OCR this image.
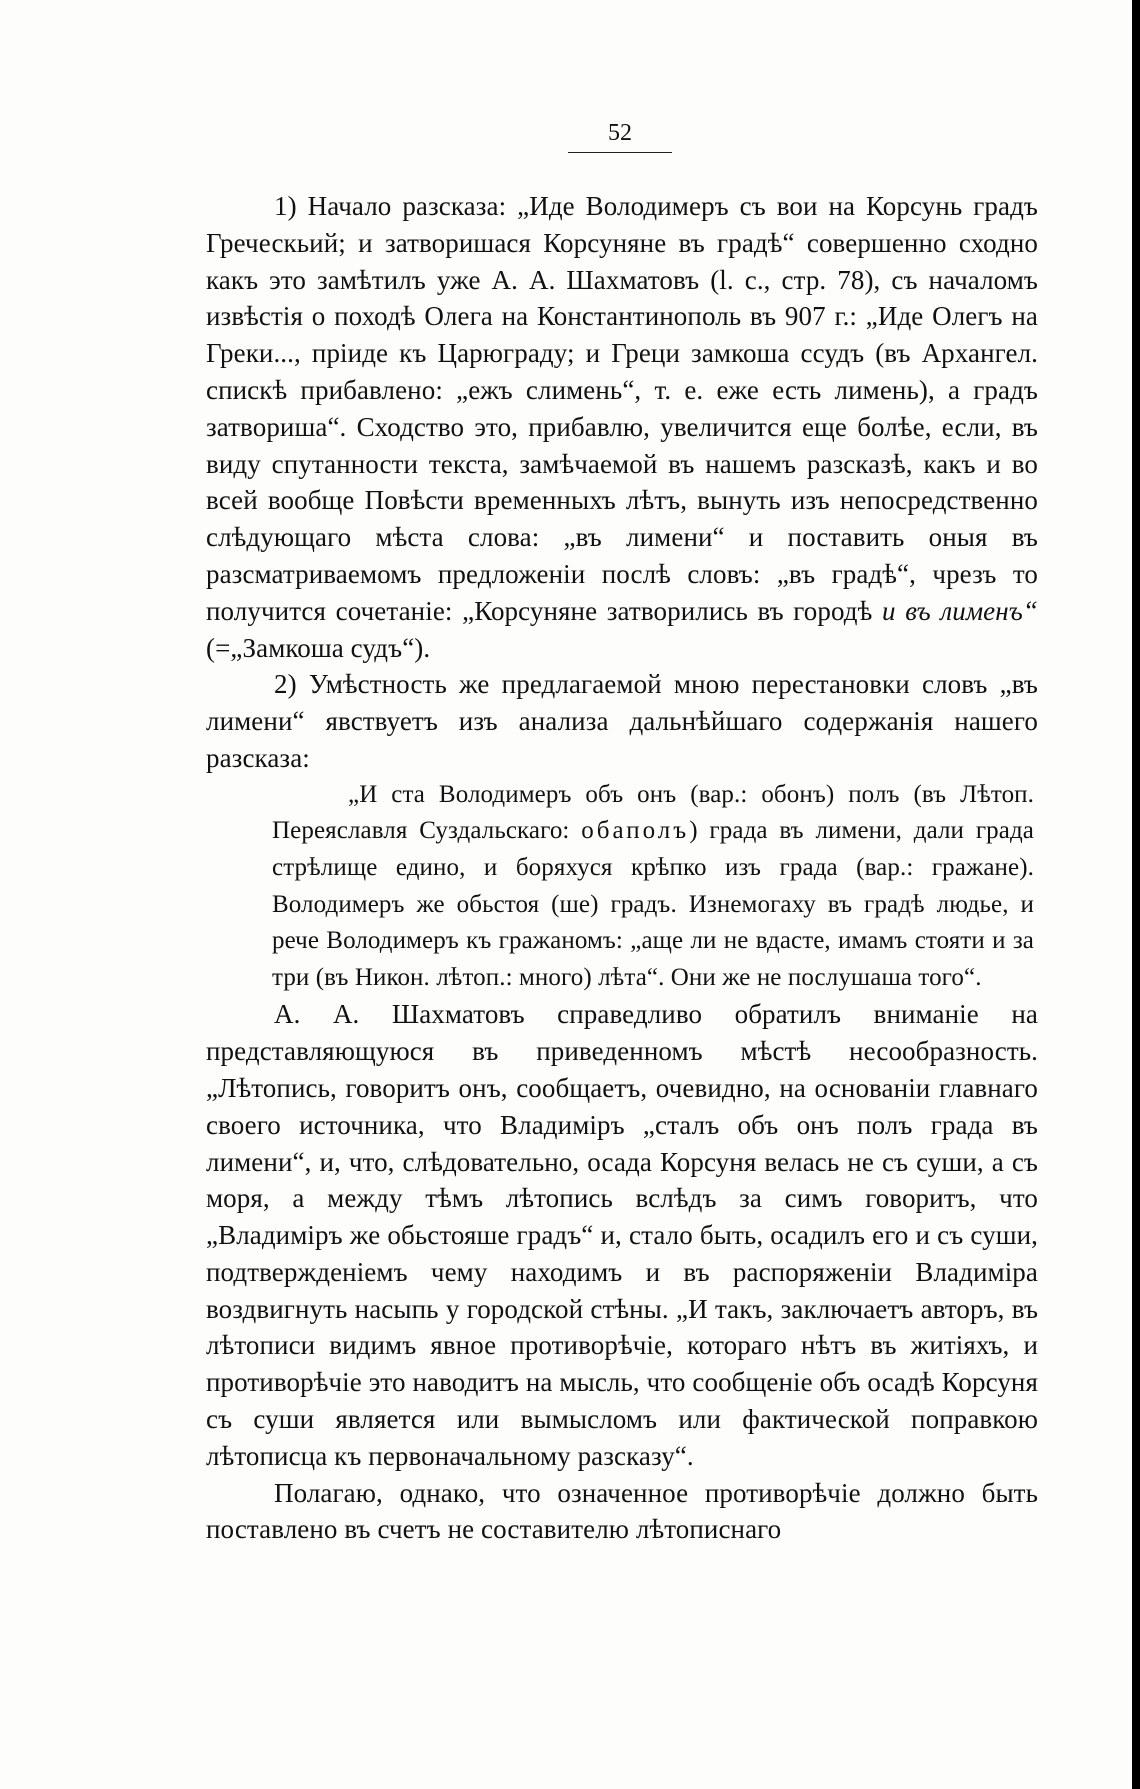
52

1) Начало разсказа: „Иде Володимеръ съ вои на Корсунь градъ Греческьий; и затворишася Корсуняне въ градѣ“ совершенно сходно какъ это замѣтилъ уже А. А. Шахматовъ (l. c., стр. 78), съ началомъ извѣстія о походѣ Олега на Константинополь въ 907 г.: „Иде Олегъ на Греки..., пріиде къ Царюграду; и Греци замкоша ссудъ (въ Архангел. спискѣ прибавлено: „ежъ слимень“, т. е. еже есть лимень), а градъ затвориша“. Сходство это, прибавлю, увеличится еще болѣе, если, въ виду спутанности текста, замѣчаемой въ нашемъ разсказѣ, какъ и во всей вообще Повѣсти временныхъ лѣтъ, вынуть изъ непосредственно слѣдующаго мѣста слова: „въ лимени“ и поставить оныя въ разсматриваемомъ предложеніи послѣ словъ: „въ градѣ“, чрезъ то получится сочетаніе: „Корсуняне затворились въ городѣ и въ лименъ“ (=„Замкоша судъ“).

2) Умѣстность же предлагаемой мною перестановки словъ „въ лимени“ явствуетъ изъ анализа дальнѣйшаго содержанія нашего разсказа:

„И ста Володимеръ объ онъ (вар.: обонъ) полъ (въ Лѣтоп. Переяславля Суздальскаго: обаполъ) града въ лимени, дали града стрѣлище едино, и боряхуся крѣпко изъ града (вар.: гражане). Володимеръ же обьстоя (ше) градъ. Изнемогаху въ градѣ людье, и рече Володимеръ къ гражаномъ: „аще ли не вдасте, имамъ стояти и за три (въ Никон. лѣтоп.: много) лѣта“. Они же не послушаша того“.

А. А. Шахматовъ справедливо обратилъ вниманіе на представляющуюся въ приведенномъ мѣстѣ несообразность. „Лѣтопись, говоритъ онъ, сообщаетъ, очевидно, на основаніи главнаго своего источника, что Владиміръ „сталъ объ онъ полъ града въ лимени“, и, что, слѣдовательно, осада Корсуня велась не съ суши, а съ моря, а между тѣмъ лѣтопись вслѣдъ за симъ говоритъ, что „Владиміръ же обьстояше градъ“ и, стало быть, осадилъ его и съ суши, подтвержденіемъ чему находимъ и въ распоряженіи Владиміра воздвигнуть насыпь у городской стѣны. „И такъ, заключаетъ авторъ, въ лѣтописи видимъ явное противорѣчіе, котораго нѣтъ въ житіяхъ, и противорѣчіе это наводитъ на мысль, что сообщеніе объ осадѣ Корсуня съ суши является или вымысломъ или фактической поправкою лѣтописца къ первоначальному разсказу“.

Полагаю, однако, что означенное противорѣчіе должно быть поставлено въ счетъ не составителю лѣтописнаго
